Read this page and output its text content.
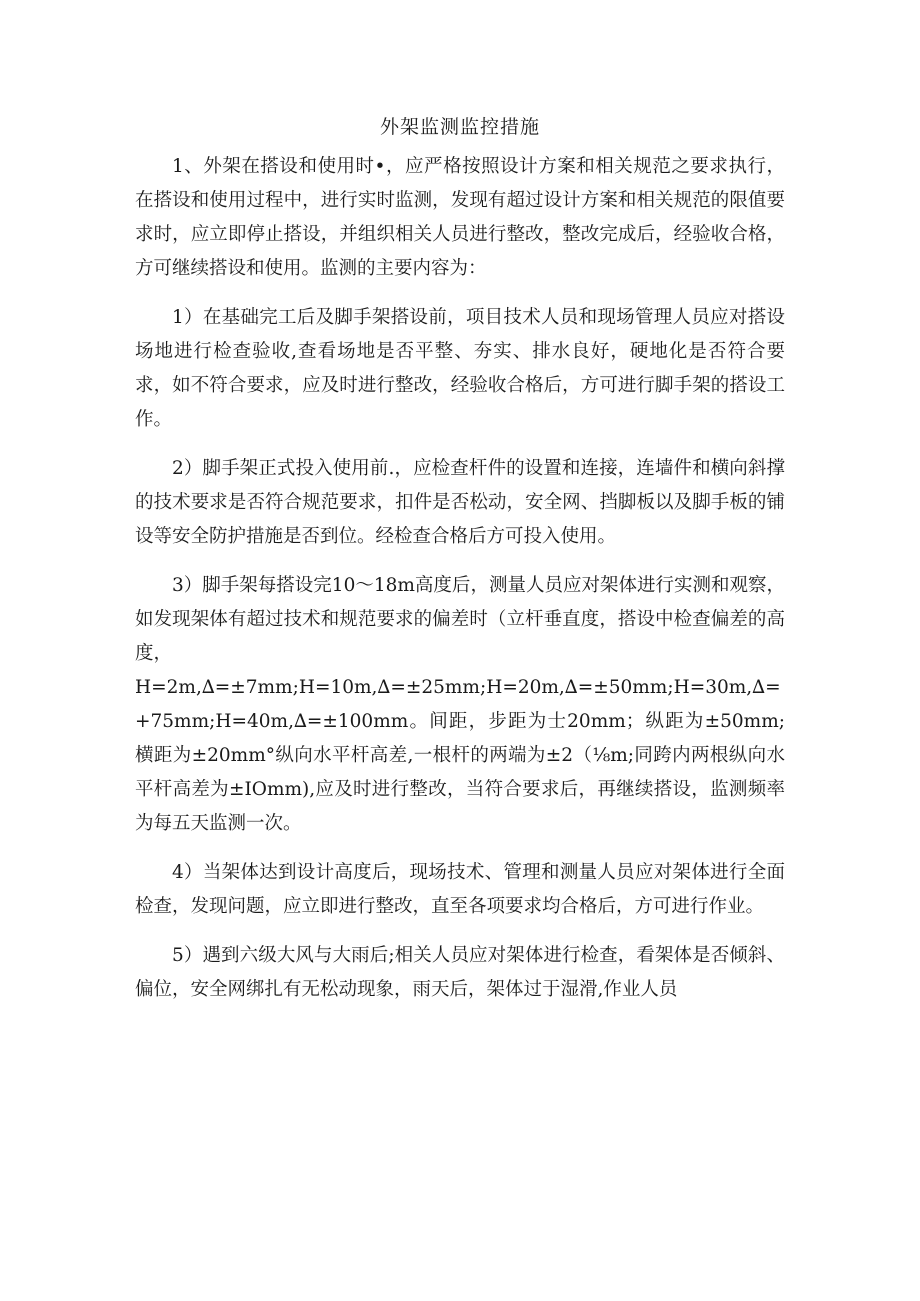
外架监测监控措施

1、外架在搭设和使用时•，应严格按照设计方案和相关规范之要求执行，在搭设和使用过程中，进行实时监测，发现有超过设计方案和相关规范的限值要求时，应立即停止搭设，并组织相关人员进行整改，整改完成后，经验收合格，方可继续搭设和使用。监测的主要内容为：

1）在基础完工后及脚手架搭设前，项目技术人员和现场管理人员应对搭设场地进行检查验收,查看场地是否平整、夯实、排水良好，硬地化是否符合要求，如不符合要求，应及时进行整改，经验收合格后，方可进行脚手架的搭设工作。

2）脚手架正式投入使用前.，应检查杆件的设置和连接，连墙件和横向斜撑的技术要求是否符合规范要求，扣件是否松动，安全网、挡脚板以及脚手板的铺设等安全防护措施是否到位。经检查合格后方可投入使用。

3）脚手架每搭设完10～18m高度后，测量人员应对架体进行实测和观察，如发现架体有超过技术和规范要求的偏差时（立杆垂直度，搭设中检查偏差的高度，

H=2m,∆=±7mm;H=10m,∆=±25mm;H=20m,∆=±50mm;H=30m,∆=+75mm;H=40m,∆=±100mm。间距，步距为士20mm；纵距为±50mm;横距为±20mm°纵向水平杆高差,一根杆的两端为±2（⅛m;同跨内两根纵向水平杆高差为±IOmm),应及时进行整改，当符合要求后，再继续搭设，监测频率为每五天监测一次。

4）当架体达到设计高度后，现场技术、管理和测量人员应对架体进行全面检查，发现问题，应立即进行整改，直至各项要求均合格后，方可进行作业。

5）遇到六级大风与大雨后;相关人员应对架体进行检查，看架体是否倾斜、偏位，安全网绑扎有无松动现象，雨天后，架体过于湿滑,作业人员
